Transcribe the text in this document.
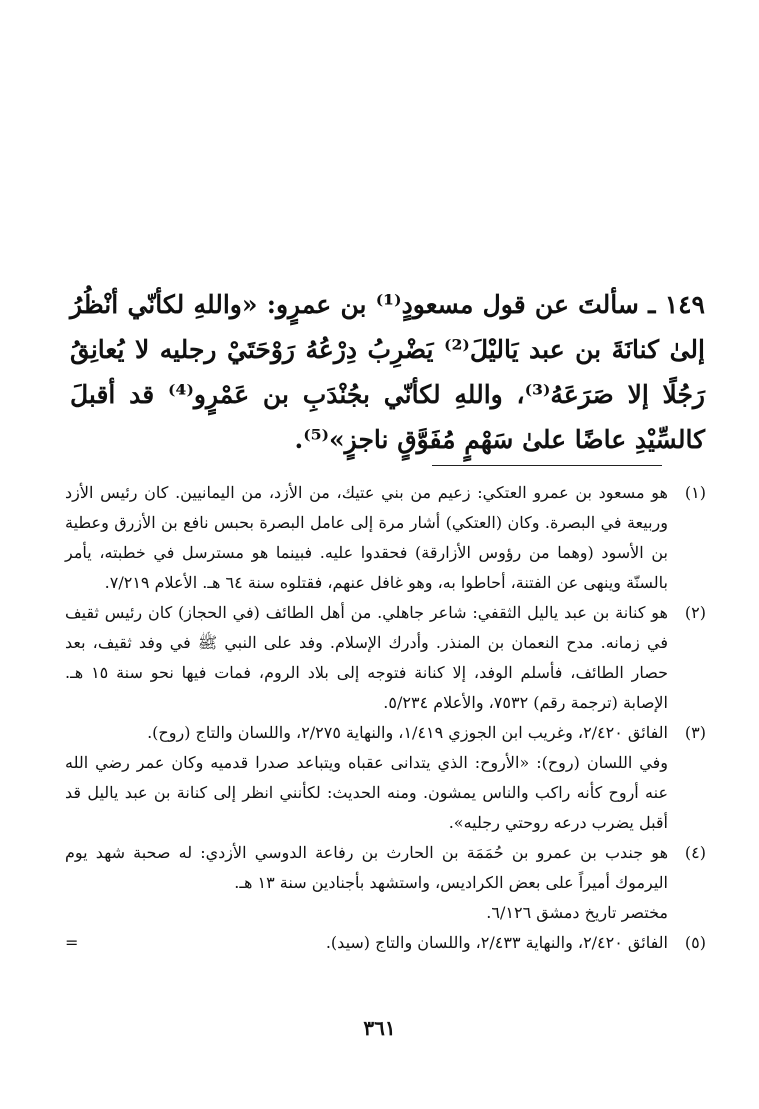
١٤٩ ـ سألتَ عن قول مسعودٍ⁽¹⁾ بن عمرٍو: «واللهِ لكأنّي أنْظُرُ إلىٰ كنانَةَ بن عبد يَاليْلَ⁽²⁾ يَضْرِبُ دِرْعُهُ رَوْحَتَيْ رجليه لا يُعانِقُ رَجُلًا إلا صَرَعَهُ⁽³⁾، واللهِ لكأنّي بجُنْدَبِ بن عَمْرٍو⁽⁴⁾ قد أقبلَ كالسِّيْدِ عاضًا علىٰ سَهْمٍ مُفَوَّقٍ ناجزٍ»⁽⁵⁾.
(١)
هو مسعود بن عمرو العتكي: زعيم من بني عتيك، من الأزد، من اليمانيين. كان رئيس الأزد وربيعة في البصرة. وكان (العتكي) أشار مرة إلى عامل البصرة بحبس نافع بن الأزرق وعطية بن الأسود (وهما من رؤوس الأزارقة) فحقدوا عليه. فبينما هو مسترسل في خطبته، يأمر بالسنّة وينهى عن الفتنة، أحاطوا به، وهو غافل عنهم، فقتلوه سنة ٦٤ هـ. الأعلام ٧/٢١٩.
(٢)
هو كنانة بن عبد ياليل الثقفي: شاعر جاهلي. من أهل الطائف (في الحجاز) كان رئيس ثقيف في زمانه. مدح النعمان بن المنذر. وأدرك الإسلام. وفد على النبي ﷺ في وفد ثقيف، بعد حصار الطائف، فأسلم الوفد، إلا كنانة فتوجه إلى بلاد الروم، فمات فيها نحو سنة ١٥ هـ. الإصابة (ترجمة رقم) ٧٥٣٢، والأعلام ٥/٢٣٤.
(٣)
الفائق ٢/٤٢٠، وغريب ابن الجوزي ١/٤١٩، والنهاية ٢/٢٧٥، واللسان والتاج (روح).
وفي اللسان (روح): «الأروح: الذي يتدانى عقباه ويتباعد صدرا قدميه وكان عمر رضي الله عنه أروح كأنه راكب والناس يمشون. ومنه الحديث: لكأنني انظر إلى كنانة بن عبد ياليل قد أقبل يضرب درعه روحتي رجليه».
(٤)
هو جندب بن عمرو بن حُمَمَة بن الحارث بن رفاعة الدوسي الأزدي: له صحبة شهد يوم اليرموك أميراً على بعض الكراديس، واستشهد بأجنادين سنة ١٣ هـ.
مختصر تاريخ دمشق ٦/١٢٦.
(٥)
الفائق ٢/٤٢٠، والنهاية ٢/٤٣٣، واللسان والتاج (سيد).
=
٣٦١
